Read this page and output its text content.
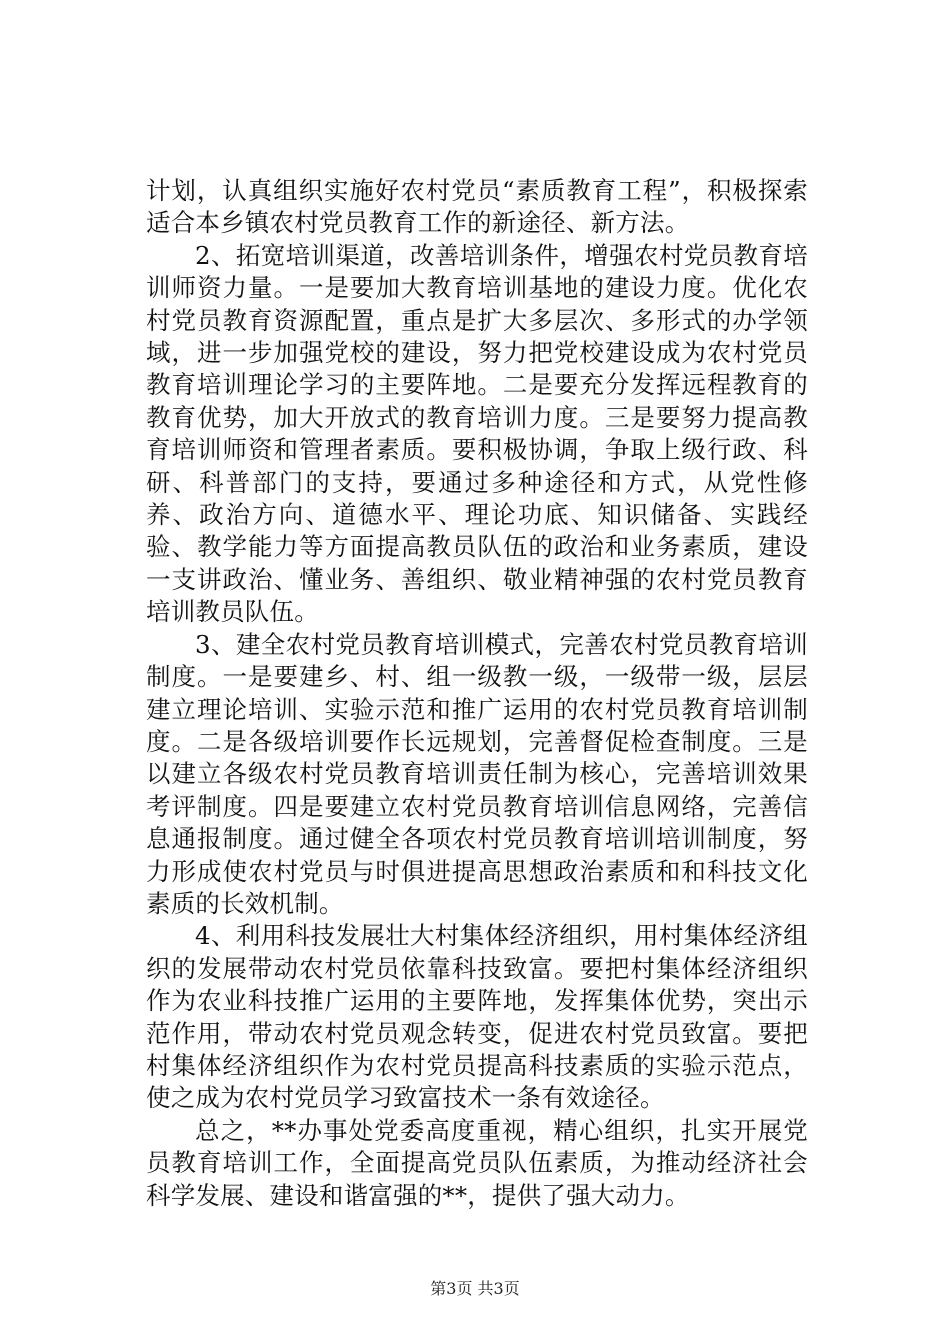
计划，认真组织实施好农村党员“素质教育工程”，积极探索适合本乡镇农村党员教育工作的新途径、新方法。

2、拓宽培训渠道，改善培训条件，增强农村党员教育培训师资力量。一是要加大教育培训基地的建设力度。优化农村党员教育资源配置，重点是扩大多层次、多形式的办学领域，进一步加强党校的建设，努力把党校建设成为农村党员教育培训理论学习的主要阵地。二是要充分发挥远程教育的教育优势，加大开放式的教育培训力度。三是要努力提高教育培训师资和管理者素质。要积极协调，争取上级行政、科研、科普部门的支持，要通过多种途径和方式，从党性修养、政治方向、道德水平、理论功底、知识储备、实践经验、教学能力等方面提高教员队伍的政治和业务素质，建设一支讲政治、懂业务、善组织、敬业精神强的农村党员教育培训教员队伍。

3、建全农村党员教育培训模式，完善农村党员教育培训制度。一是要建乡、村、组一级教一级，一级带一级，层层建立理论培训、实验示范和推广运用的农村党员教育培训制度。二是各级培训要作长远规划，完善督促检查制度。三是以建立各级农村党员教育培训责任制为核心，完善培训效果考评制度。四是要建立农村党员教育培训信息网络，完善信息通报制度。通过健全各项农村党员教育培训培训制度，努力形成使农村党员与时俱进提高思想政治素质和和科技文化素质的长效机制。

4、利用科技发展壮大村集体经济组织，用村集体经济组织的发展带动农村党员依靠科技致富。要把村集体经济组织作为农业科技推广运用的主要阵地，发挥集体优势，突出示范作用，带动农村党员观念转变，促进农村党员致富。要把村集体经济组织作为农村党员提高科技素质的实验示范点，使之成为农村党员学习致富技术一条有效途径。

总之，**办事处党委高度重视，精心组织，扎实开展党员教育培训工作，全面提高党员队伍素质，为推动经济社会科学发展、建设和谐富强的**，提供了强大动力。

第3页 共3页
